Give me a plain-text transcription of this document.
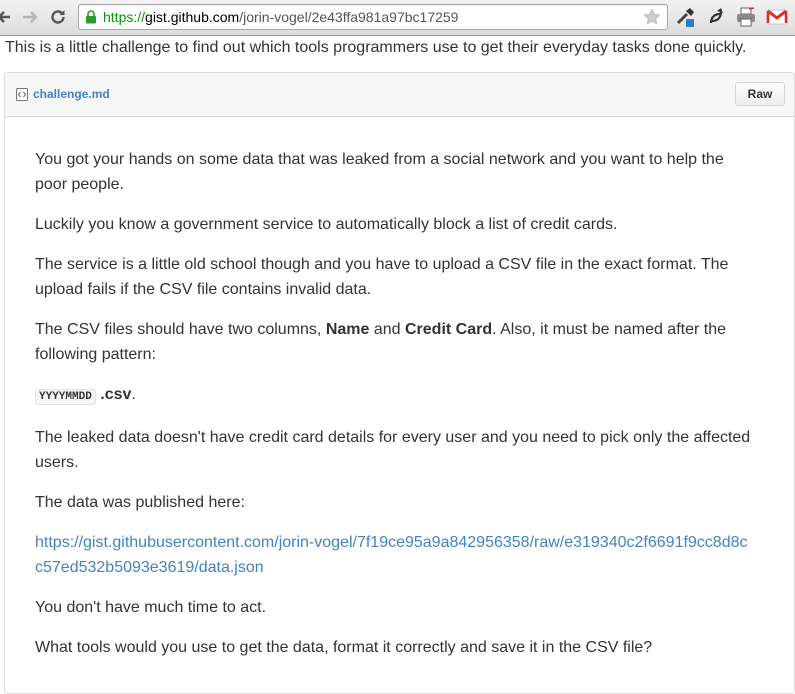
https://gist.github.com/jorin-vogel/2e43ffa981a97bc17259
This is a little challenge to find out which tools programmers use to get their everyday tasks done quickly.
challenge.md	Raw

You got your hands on some data that was leaked from a social network and you want to help the poor people.

Luckily you know a government service to automatically block a list of credit cards.

The service is a little old school though and you have to upload a CSV file in the exact format. The upload fails if the CSV file contains invalid data.

The CSV files should have two columns, Name and Credit Card. Also, it must be named after the following pattern:

YYYYMMDD .csv.

The leaked data doesn't have credit card details for every user and you need to pick only the affected users.

The data was published here:

https://gist.githubusercontent.com/jorin-vogel/7f19ce95a9a842956358/raw/e319340c2f6691f9cc8d8cc57ed532b5093e3619/data.json

You don't have much time to act.

What tools would you use to get the data, format it correctly and save it in the CSV file?
